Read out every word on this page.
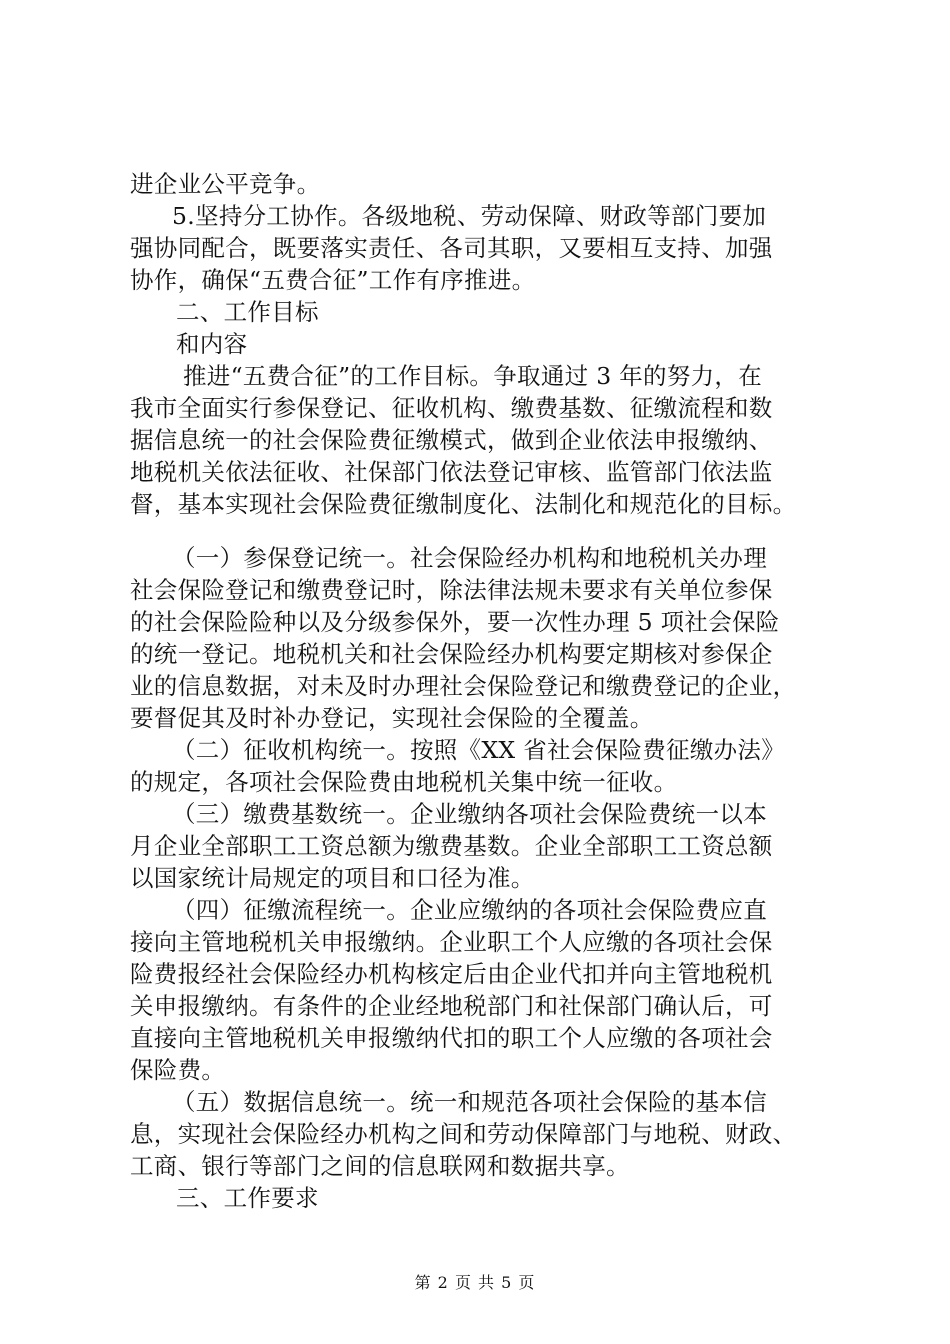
进企业公平竞争。
5.坚持分工协作。各级地税、劳动保障、财政等部门要加
强协同配合，既要落实责任、各司其职，又要相互支持、加强
协作，确保“五费合征”工作有序推进。
二、工作目标
和内容
推进“五费合征”的工作目标。争取通过 3 年的努力，在
我市全面实行参保登记、征收机构、缴费基数、征缴流程和数
据信息统一的社会保险费征缴模式，做到企业依法申报缴纳、
地税机关依法征收、社保部门依法登记审核、监管部门依法监
督，基本实现社会保险费征缴制度化、法制化和规范化的目标。
（一）参保登记统一。社会保险经办机构和地税机关办理
社会保险登记和缴费登记时，除法律法规未要求有关单位参保
的社会保险险种以及分级参保外，要一次性办理 5 项社会保险
的统一登记。地税机关和社会保险经办机构要定期核对参保企
业的信息数据，对未及时办理社会保险登记和缴费登记的企业，
要督促其及时补办登记，实现社会保险的全覆盖。
（二）征收机构统一。按照《XX 省社会保险费征缴办法》
的规定，各项社会保险费由地税机关集中统一征收。
（三）缴费基数统一。企业缴纳各项社会保险费统一以本
月企业全部职工工资总额为缴费基数。企业全部职工工资总额
以国家统计局规定的项目和口径为准。
（四）征缴流程统一。企业应缴纳的各项社会保险费应直
接向主管地税机关申报缴纳。企业职工个人应缴的各项社会保
险费报经社会保险经办机构核定后由企业代扣并向主管地税机
关申报缴纳。有条件的企业经地税部门和社保部门确认后，可
直接向主管地税机关申报缴纳代扣的职工个人应缴的各项社会
保险费。
（五）数据信息统一。统一和规范各项社会保险的基本信
息，实现社会保险经办机构之间和劳动保障部门与地税、财政、
工商、银行等部门之间的信息联网和数据共享。
三、工作要求
第 2 页 共 5 页
